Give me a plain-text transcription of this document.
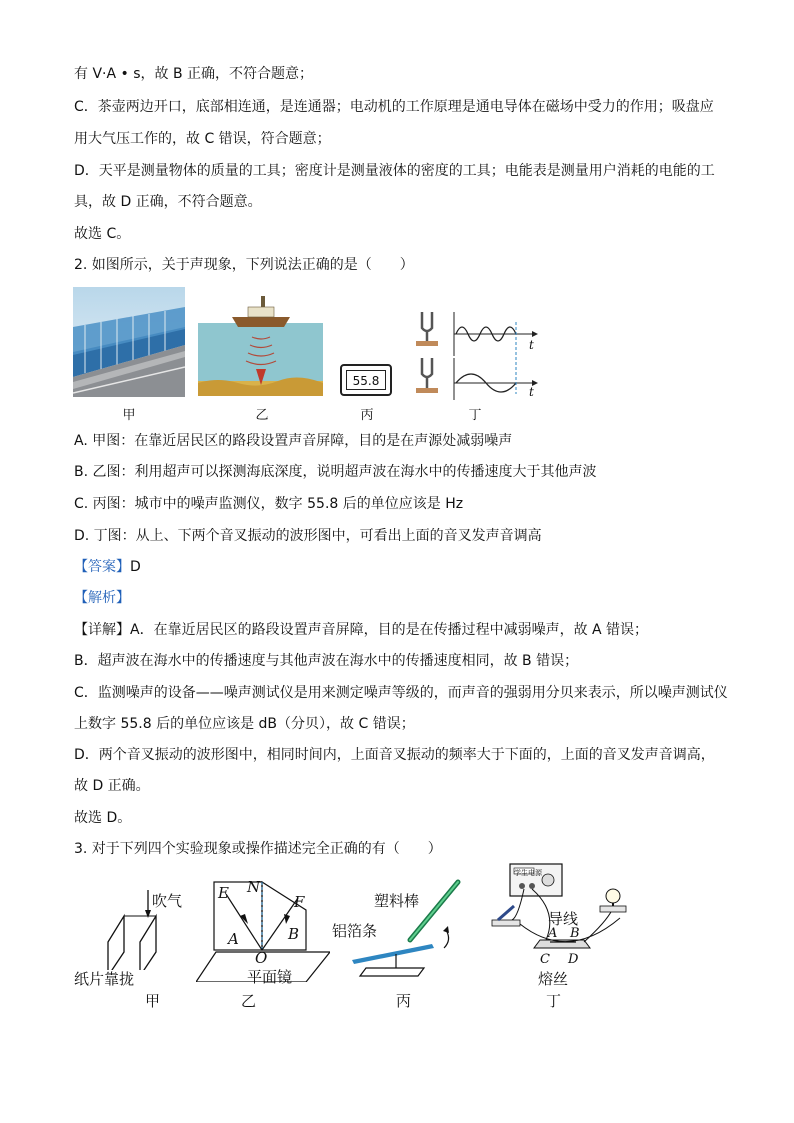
有 V·A • s，故 B 正确，不符合题意；
C．茶壶两边开口，底部相连通，是连通器；电动机的工作原理是通电导体在磁场中受力的作用；吸盘应
用大气压工作的，故 C 错误，符合题意；
D．天平是测量物体的质量的工具；密度计是测量液体的密度的工具；电能表是测量用户消耗的电能的工
具，故 D 正确，不符合题意。
故选 C。
2. 如图所示，关于声现象，下列说法正确的是（　　）
甲	乙
55.8
丙
t
t
丁
A. 甲图：在靠近居民区的路段设置声音屏障，目的是在声源处减弱噪声
B. 乙图：利用超声可以探测海底深度，说明超声波在海水中的传播速度大于其他声波
C. 丙图：城市中的噪声监测仪，数字 55.8 后的单位应该是 Hz
D. 丁图：从上、下两个音叉振动的波形图中，可看出上面的音叉发声音调高
【答案】D
【解析】
【详解】A．在靠近居民区的路段设置声音屏障，目的是在传播过程中减弱噪声，故 A 错误；
B．超声波在海水中的传播速度与其他声波在海水中的传播速度相同，故 B 错误；
C．监测噪声的设备——噪声测试仪是用来测定噪声等级的，而声音的强弱用分贝来表示，所以噪声测试仪
上数字 55.8 后的单位应该是 dB（分贝），故 C 错误；
D．两个音叉振动的波形图中，相同时间内，上面音叉振动的频率大于下面的，上面的音叉发声音调高，
故 D 正确。
故选 D。
3. 对于下列四个实验现象或操作描述完全正确的有（　　）
吹气
纸片靠拢
甲
E N
F
A	B
O
平面镜
乙
塑料棒
铝箔条
丙
学生电源
导线
A B
C D
熔丝
丁
